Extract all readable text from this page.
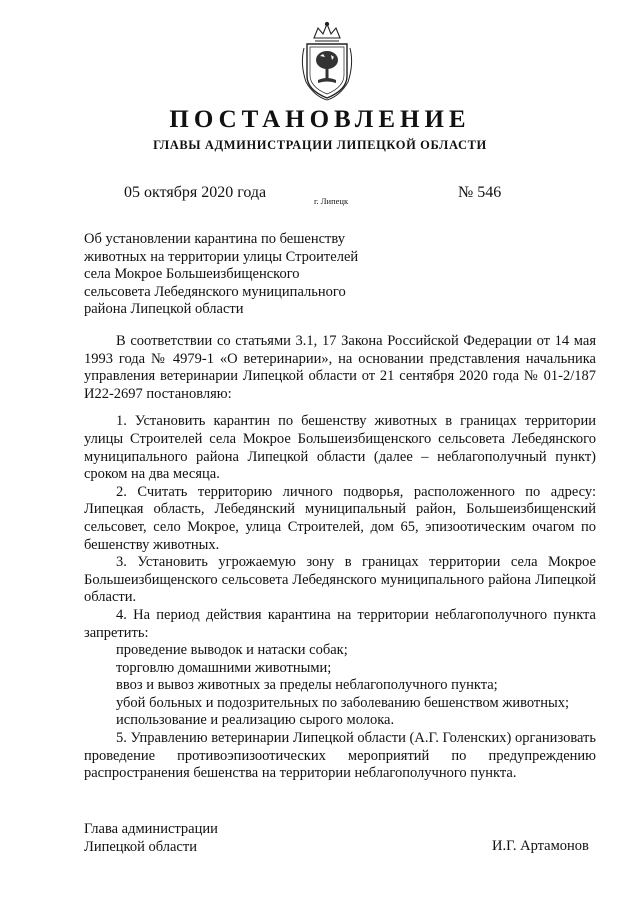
ПОСТАНОВЛЕНИЕ
ГЛАВЫ АДМИНИСТРАЦИИ ЛИПЕЦКОЙ ОБЛАСТИ
05 октября 2020 года	г. Липецк	№ 546
Об установлении карантина по бешенству
животных на территории улицы Строителей
села Мокрое Большеизбищенского
сельсовета Лебедянского муниципального
района Липецкой области

В соответствии со статьями 3.1, 17 Закона Российской Федерации от 14 мая 1993 года № 4979-1 «О ветеринарии», на основании представления начальника управления ветеринарии Липецкой области от 21 сентября 2020 года № 01-2/187 И22-2697 постановляю:

1. Установить карантин по бешенству животных в границах территории улицы Строителей села Мокрое Большеизбищенского сельсовета Лебедянского муниципального района Липецкой области (далее – неблагополучный пункт) сроком на два месяца.

2. Считать территорию личного подворья, расположенного по адресу: Липецкая область, Лебедянский муниципальный район, Большеизбищенский сельсовет, село Мокрое, улица Строителей, дом 65, эпизоотическим очагом по бешенству животных.

3. Установить угрожаемую зону в границах территории села Мокрое Большеизбищенского сельсовета Лебедянского муниципального района Липецкой области.

4. На период действия карантина на территории неблагополучного пункта запретить:

проведение выводок и натаски собак;

торговлю домашними животными;

ввоз и вывоз животных за пределы неблагополучного пункта;

убой больных и подозрительных по заболеванию бешенством животных;

использование и реализацию сырого молока.

5. Управлению ветеринарии Липецкой области (А.Г. Голенских) организовать проведение противоэпизоотических мероприятий по предупреждению распространения бешенства на территории неблагополучного пункта.

Глава администрации
Липецкой области	И.Г. Артамонов
